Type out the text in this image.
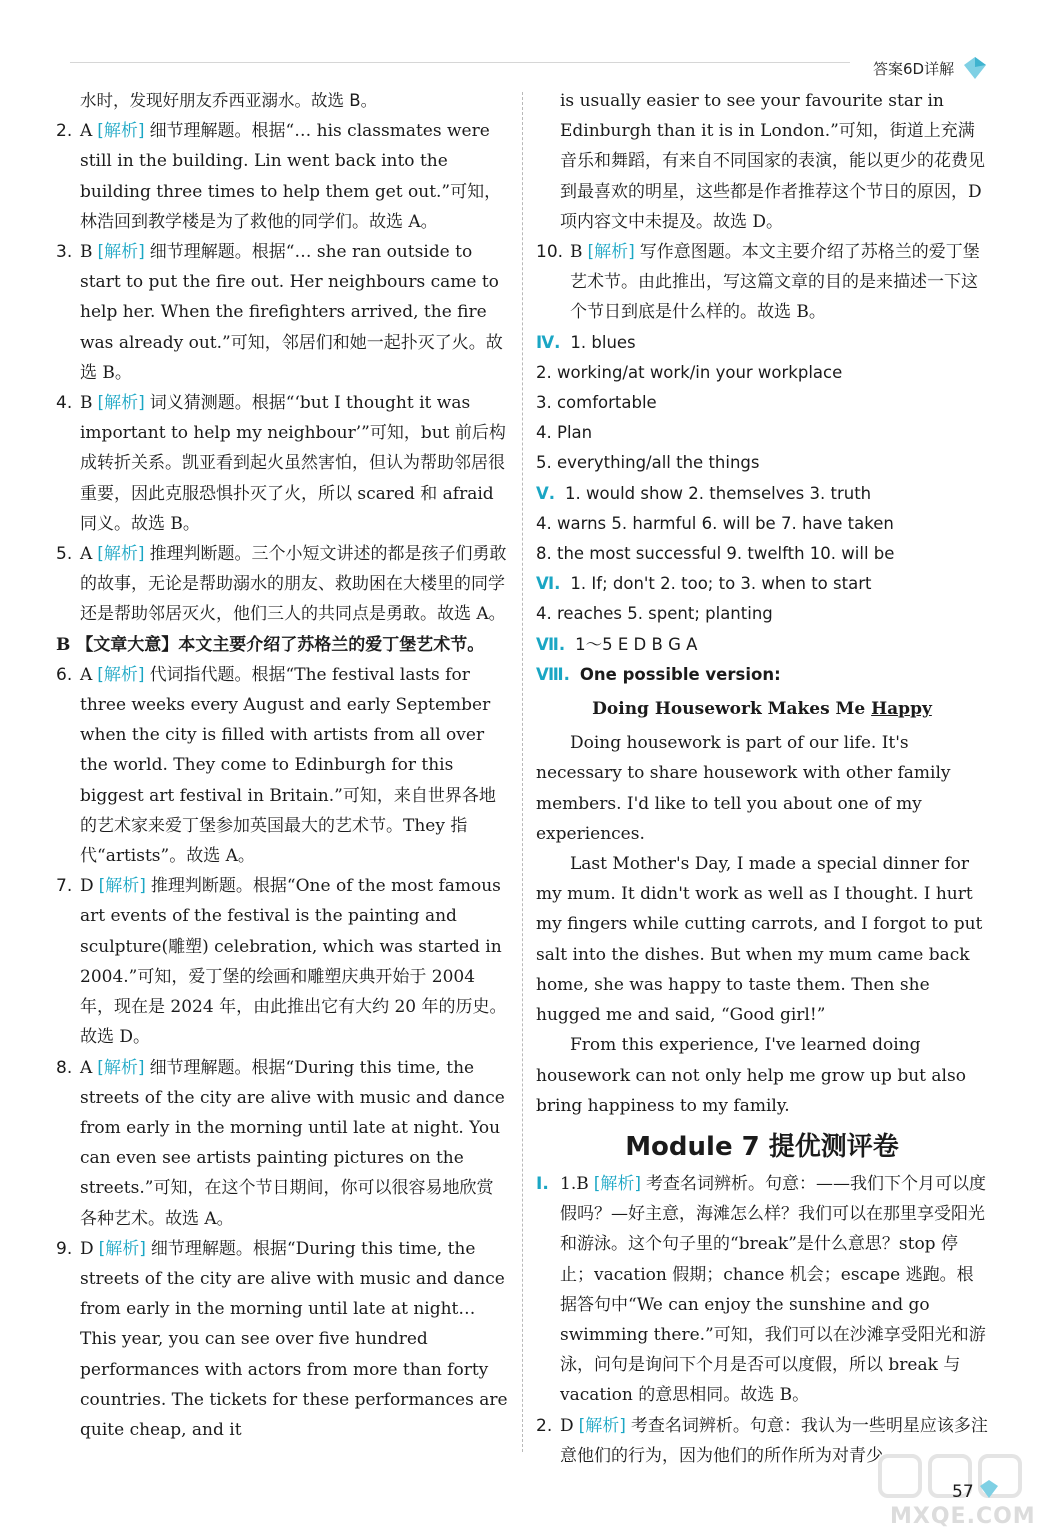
答案6D详解

水时，发现好朋友乔西亚溺水。故选 B。

2. A [ 解析 ] 细节理解题。根据“… his classmates were still in the building. Lin went back into the building three times to help them get out.”可知，林浩回到教学楼是为了救他的同学们。故选 A。
3. B [ 解析 ] 细节理解题。根据“… she ran outside to start to put the fire out. Her neighbours came to help her. When the firefighters arrived, the fire was already out.”可知，邻居们和她一起扑灭了火。故选 B。
4. B [ 解析 ] 词义猜测题。根据“‘but I thought it was important to help my neighbour’”可知，but 前后构成转折关系。凯亚看到起火虽然害怕，但认为帮助邻居很重要，因此克服恐惧扑灭了火，所以 scared 和 afraid 同义。故选 B。
5. A [ 解析 ] 推理判断题。三个小短文讲述的都是孩子们勇敢的故事，无论是帮助溺水的朋友、救助困在大楼里的同学还是帮助邻居灭火，他们三人的共同点是勇敢。故选 A。

B 【文章大意】本文主要介绍了苏格兰的爱丁堡艺术节。

6. A [ 解析 ] 代词指代题。根据“The festival lasts for three weeks every August and early September when the city is filled with artists from all over the world. They come to Edinburgh for this biggest art festival in Britain.”可知，来自世界各地的艺术家来爱丁堡参加英国最大的艺术节。They 指代“artists”。故选 A。
7. D [ 解析 ] 推理判断题。根据“One of the most famous art events of the festival is the painting and sculpture(雕塑) celebration, which was started in 2004.”可知，爱丁堡的绘画和雕塑庆典开始于 2004 年，现在是 2024 年，由此推出它有大约 20 年的历史。故选 D。
8. A [ 解析 ] 细节理解题。根据“During this time, the streets of the city are alive with music and dance from early in the morning until late at night. You can even see artists painting pictures on the streets.”可知，在这个节日期间，你可以很容易地欣赏各种艺术。故选 A。
9. D [ 解析 ] 细节理解题。根据“During this time, the streets of the city are alive with music and dance from early in the morning until late at night… This year, you can see over five hundred performances with actors from more than forty countries. The tickets for these performances are quite cheap, and it

is usually easier to see your favourite star in Edinburgh than it is in London.”可知，街道上充满音乐和舞蹈，有来自不同国家的表演，能以更少的花费见到最喜欢的明星，这些都是作者推荐这个节日的原因，D 项内容文中未提及。故选 D。

10. B [ 解析 ] 写作意图题。本文主要介绍了苏格兰的爱丁堡艺术节。由此推出，写这篇文章的目的是来描述一下这个节日到底是什么样的。故选 B。

Ⅳ. 1. blues

2. working/at work/in your workplace

3. comfortable

4. Plan

5. everything/all the things

Ⅴ. 1. would show 2. themselves 3. truth

4. warns 5. harmful 6. will be 7. have taken

8. the most successful 9. twelfth 10. will be

Ⅵ. 1. If; don't 2. too; to 3. when to start

4. reaches 5. spent; planting

Ⅶ. 1～5 E D B G A

Ⅷ. One possible version:

Doing Housework Makes Me Happy

Doing housework is part of our life. It's necessary to share housework with other family members. I'd like to tell you about one of my experiences.

Last Mother's Day, I made a special dinner for my mum. It didn't work as well as I thought. I hurt my fingers while cutting carrots, and I forgot to put salt into the dishes. But when my mum came back home, she was happy to taste them. Then she hugged me and said, “Good girl!”

From this experience, I've learned doing housework can not only help me grow up but also bring happiness to my family.

Module 7 提优测评卷

Ⅰ. 1.B [ 解析 ] 考查名词辨析。句意：——我们下个月可以度假吗？—好主意，海滩怎么样？我们可以在那里享受阳光和游泳。这个句子里的“break”是什么意思？stop 停止；vacation 假期；chance 机会；escape 逃跑。根据答句中“We can enjoy the sunshine and go swimming there.”可知，我们可以在沙滩享受阳光和游泳，问句是询问下个月是否可以度假，所以 break 与 vacation 的意思相同。故选 B。
2. D [ 解析 ] 考查名词辨析。句意：我认为一些明星应该多注意他们的行为，因为他们的所作所为对青少
MXQE.COM
57
